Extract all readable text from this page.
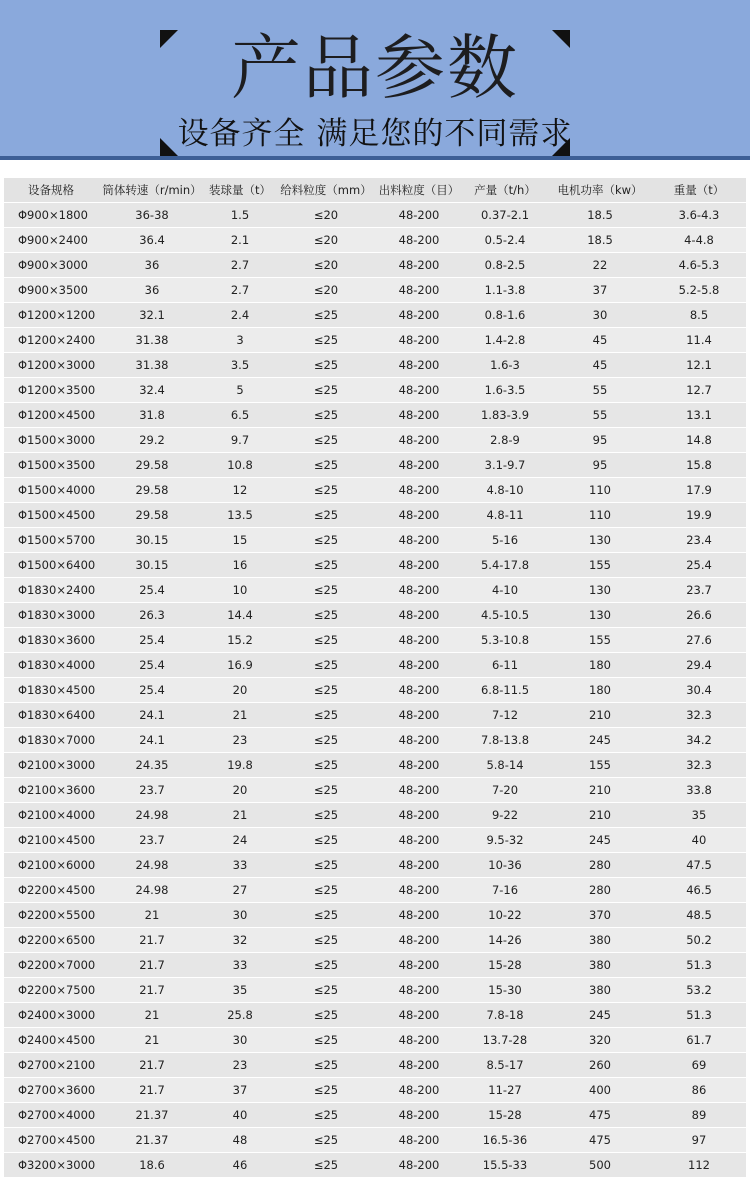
产品参数
设备齐全 满足您的不同需求
设备规格	筒体转速（r/min）	装球量（t）	给料粒度（mm）	出料粒度（目）	产量（t/h）	电机功率（kw）	重量（t）
Φ900×1800	36-38	1.5	≤20	48-200	0.37-2.1	18.5	3.6-4.3
Φ900×2400	36.4	2.1	≤20	48-200	0.5-2.4	18.5	4-4.8
Φ900×3000	36	2.7	≤20	48-200	0.8-2.5	22	4.6-5.3
Φ900×3500	36	2.7	≤20	48-200	1.1-3.8	37	5.2-5.8
Φ1200×1200	32.1	2.4	≤25	48-200	0.8-1.6	30	8.5
Φ1200×2400	31.38	3	≤25	48-200	1.4-2.8	45	11.4
Φ1200×3000	31.38	3.5	≤25	48-200	1.6-3	45	12.1
Φ1200×3500	32.4	5	≤25	48-200	1.6-3.5	55	12.7
Φ1200×4500	31.8	6.5	≤25	48-200	1.83-3.9	55	13.1
Φ1500×3000	29.2	9.7	≤25	48-200	2.8-9	95	14.8
Φ1500×3500	29.58	10.8	≤25	48-200	3.1-9.7	95	15.8
Φ1500×4000	29.58	12	≤25	48-200	4.8-10	110	17.9
Φ1500×4500	29.58	13.5	≤25	48-200	4.8-11	110	19.9
Φ1500×5700	30.15	15	≤25	48-200	5-16	130	23.4
Φ1500×6400	30.15	16	≤25	48-200	5.4-17.8	155	25.4
Φ1830×2400	25.4	10	≤25	48-200	4-10	130	23.7
Φ1830×3000	26.3	14.4	≤25	48-200	4.5-10.5	130	26.6
Φ1830×3600	25.4	15.2	≤25	48-200	5.3-10.8	155	27.6
Φ1830×4000	25.4	16.9	≤25	48-200	6-11	180	29.4
Φ1830×4500	25.4	20	≤25	48-200	6.8-11.5	180	30.4
Φ1830×6400	24.1	21	≤25	48-200	7-12	210	32.3
Φ1830×7000	24.1	23	≤25	48-200	7.8-13.8	245	34.2
Φ2100×3000	24.35	19.8	≤25	48-200	5.8-14	155	32.3
Φ2100×3600	23.7	20	≤25	48-200	7-20	210	33.8
Φ2100×4000	24.98	21	≤25	48-200	9-22	210	35
Φ2100×4500	23.7	24	≤25	48-200	9.5-32	245	40
Φ2100×6000	24.98	33	≤25	48-200	10-36	280	47.5
Φ2200×4500	24.98	27	≤25	48-200	7-16	280	46.5
Φ2200×5500	21	30	≤25	48-200	10-22	370	48.5
Φ2200×6500	21.7	32	≤25	48-200	14-26	380	50.2
Φ2200×7000	21.7	33	≤25	48-200	15-28	380	51.3
Φ2200×7500	21.7	35	≤25	48-200	15-30	380	53.2
Φ2400×3000	21	25.8	≤25	48-200	7.8-18	245	51.3
Φ2400×4500	21	30	≤25	48-200	13.7-28	320	61.7
Φ2700×2100	21.7	23	≤25	48-200	8.5-17	260	69
Φ2700×3600	21.7	37	≤25	48-200	11-27	400	86
Φ2700×4000	21.37	40	≤25	48-200	15-28	475	89
Φ2700×4500	21.37	48	≤25	48-200	16.5-36	475	97
Φ3200×3000	18.6	46	≤25	48-200	15.5-33	500	112
